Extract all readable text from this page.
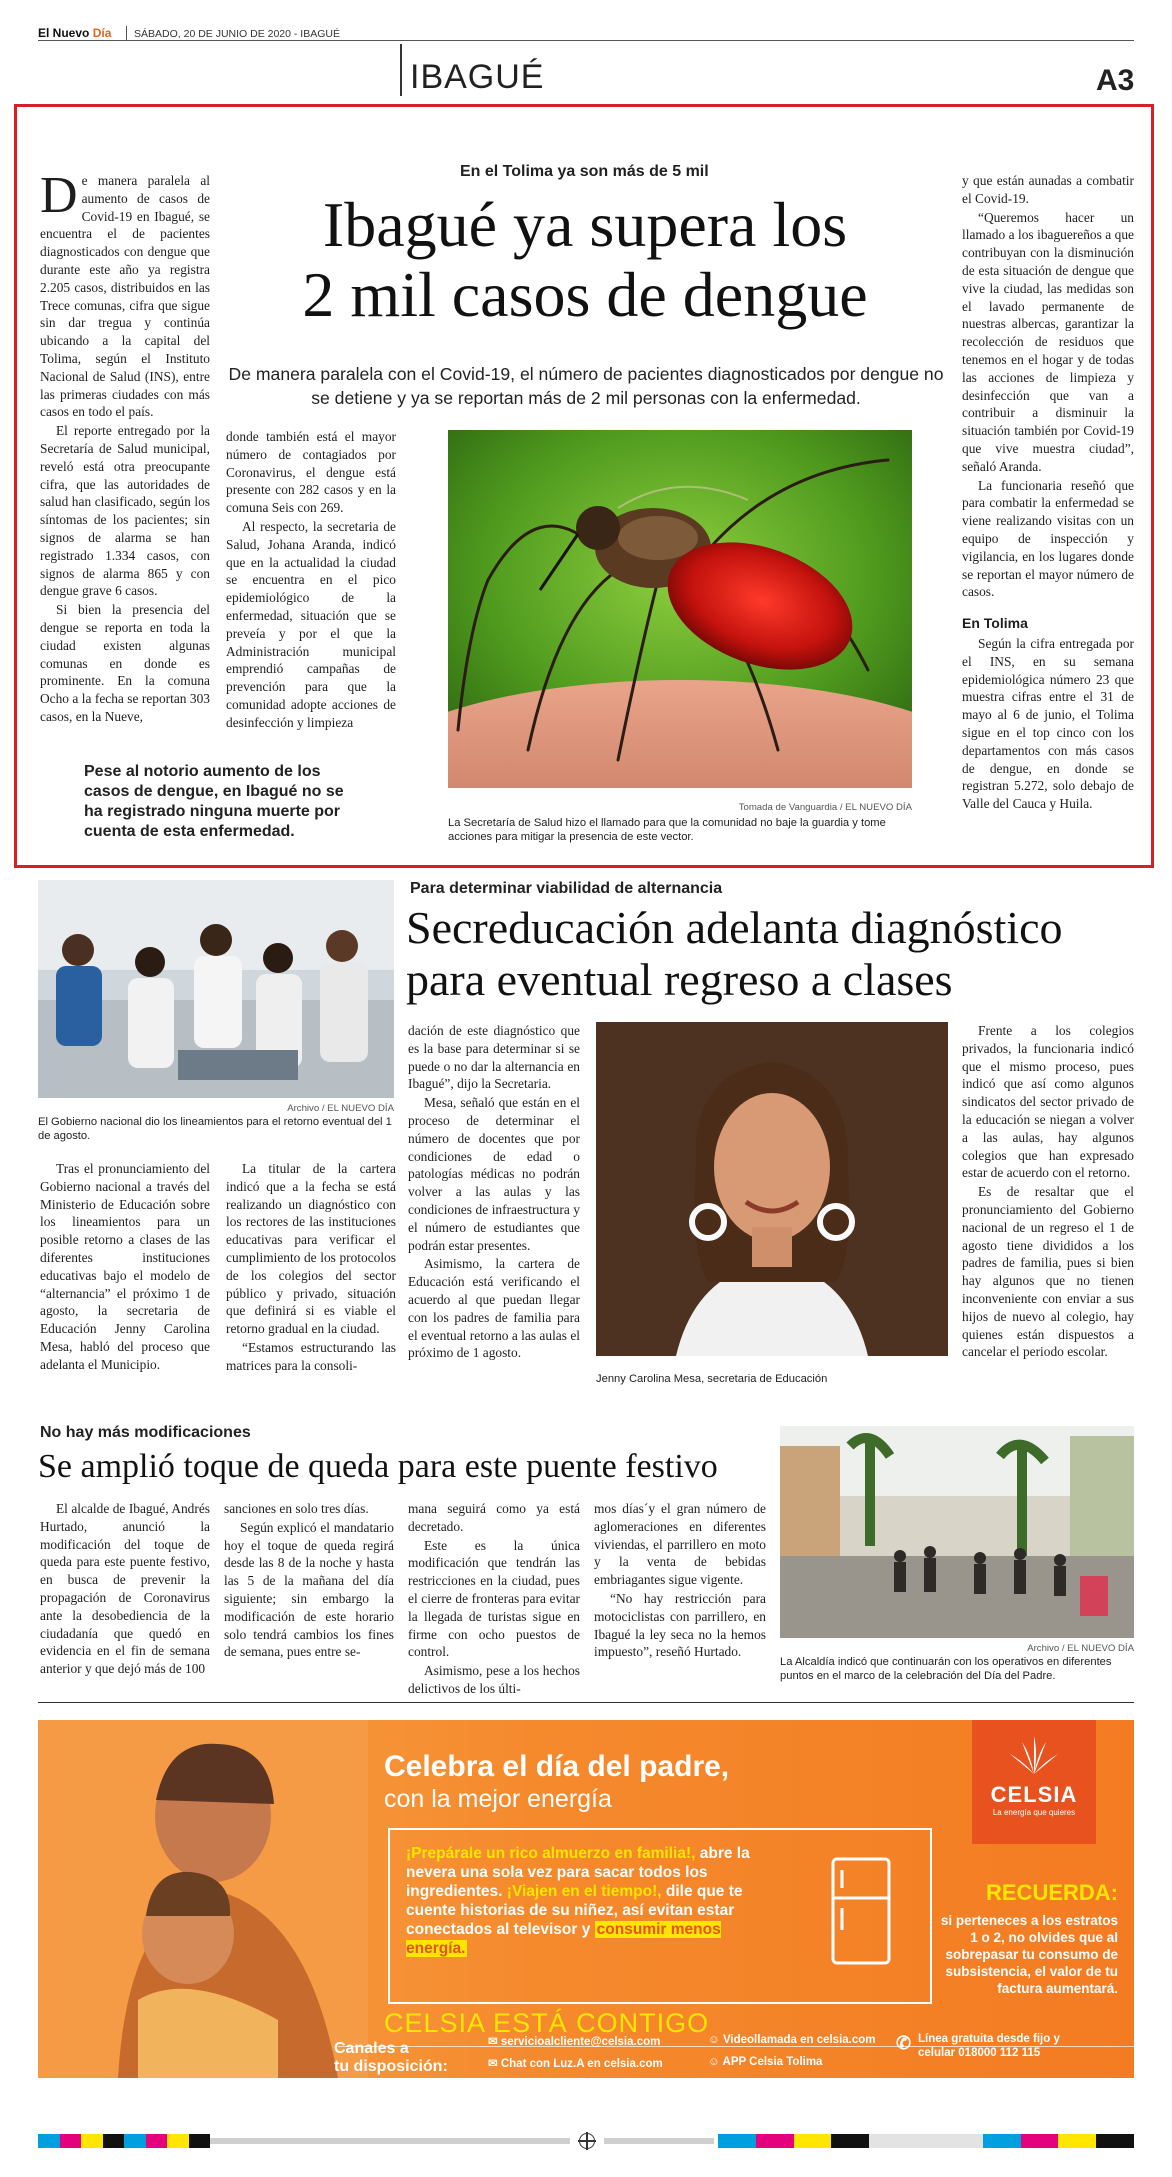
El Nuevo Día SÁBADO, 20 DE JUNIO DE 2020 - IBAGUÉ
IBAGUÉ	A3
En el Tolima ya son más de 5 mil
Ibagué ya supera los
2 mil casos de dengue
De manera paralela con el Covid-19, el número de pacientes diagnosticados por dengue no
se detiene y ya se reportan más de 2 mil personas con la enfermedad.

De manera paralela al aumento de casos de Covid-19 en Ibagué, se encuentra el de pacientes diagnosticados con dengue que durante este año ya registra 2.205 casos, distribuidos en las Trece comunas, cifra que sigue sin dar tregua y continúa ubicando a la capital del Tolima, según el Instituto Nacional de Salud (INS), entre las primeras ciudades con más casos en todo el país.

El reporte entregado por la Secretaría de Salud municipal, reveló está otra preocupante cifra, que las autoridades de salud han clasificado, según los síntomas de los pacientes; sin signos de alarma se han registrado 1.334 casos, con signos de alarma 865 y con dengue grave 6 casos.

Si bien la presencia del dengue se reporta en toda la ciudad existen algunas comunas en donde es prominente. En la comuna Ocho a la fecha se reportan 303 casos, en la Nueve,

donde también está el mayor número de contagiados por Coronavirus, el dengue está presente con 282 casos y en la comuna Seis con 269.

Al respecto, la secretaria de Salud, Johana Aranda, indicó que en la actualidad la ciudad se encuentra en el pico epidemiológico de la enfermedad, situación que se preveía y por el que la Administración municipal emprendió campañas de prevención para que la comunidad adopte acciones de desinfección y limpieza

Pese al notorio aumento de los casos de dengue, en Ibagué no se ha registrado ninguna muerte por cuenta de esta enfermedad.
Tomada de Vanguardia / EL NUEVO DÍA
La Secretaría de Salud hizo el llamado para que la comunidad no baje la guardia y tome acciones para mitigar la presencia de este vector.

y que están aunadas a combatir el Covid-19.

“Queremos hacer un llamado a los ibaguereños a que contribuyan con la disminución de esta situación de dengue que vive la ciudad, las medidas son el lavado permanente de nuestras albercas, garantizar la recolección de residuos que tenemos en el hogar y de todas las acciones de limpieza y desinfección que van a contribuir a disminuir la situación también por Covid-19 que vive muestra ciudad”, señaló Aranda.

La funcionaria reseñó que para combatir la enfermedad se viene realizando visitas con un equipo de inspección y vigilancia, en los lugares donde se reportan el mayor número de casos.

En Tolima

Según la cifra entregada por el INS, en su semana epidemiológica número 23 que muestra cifras entre el 31 de mayo al 6 de junio, el Tolima sigue en el top cinco con los departamentos con más casos de dengue, en donde se registran 5.272, solo debajo de Valle del Cauca y Huila.

Archivo / EL NUEVO DÍA
El Gobierno nacional dio los lineamientos para el retorno eventual del 1 de agosto.
Para determinar viabilidad de alternancia
Secreducación adelanta diagnóstico
para eventual regreso a clases

Tras el pronunciamiento del Gobierno nacional a través del Ministerio de Educación sobre los lineamientos para un posible retorno a clases de las diferentes instituciones educativas bajo el modelo de “alternancia” el próximo 1 de agosto, la secretaria de Educación Jenny Carolina Mesa, habló del proceso que adelanta el Municipio.

La titular de la cartera indicó que a la fecha se está realizando un diagnóstico con los rectores de las instituciones educativas para verificar el cumplimiento de los protocolos de los colegios del sector público y privado, situación que definirá si es viable el retorno gradual en la ciudad.

“Estamos estructurando las matrices para la consoli-

dación de este diagnóstico que es la base para determinar si se puede o no dar la alternancia en Ibagué”, dijo la Secretaria.

Mesa, señaló que están en el proceso de determinar el número de docentes que por condiciones de edad o patologías médicas no podrán volver a las aulas y las condiciones de infraestructura y el número de estudiantes que podrán estar presentes.

Asimismo, la cartera de Educación está verificando el acuerdo al que puedan llegar con los padres de familia para el eventual retorno a las aulas el próximo de 1 agosto.

Jenny Carolina Mesa, secretaria de Educación

Frente a los colegios privados, la funcionaria indicó que el mismo proceso, pues indicó que así como algunos sindicatos del sector privado de la educación se niegan a volver a las aulas, hay algunos colegios que han expresado estar de acuerdo con el retorno.

Es de resaltar que el pronunciamiento del Gobierno nacional de un regreso el 1 de agosto tiene divididos a los padres de familia, pues si bien hay algunos que no tienen inconveniente con enviar a sus hijos de nuevo al colegio, hay quienes están dispuestos a cancelar el periodo escolar.

No hay más modificaciones
Se amplió toque de queda para este puente festivo

El alcalde de Ibagué, Andrés Hurtado, anunció la modificación del toque de queda para este puente festivo, en busca de prevenir la propagación de Coronavirus ante la desobediencia de la ciudadanía que quedó en evidencia en el fin de semana anterior y que dejó más de 100

sanciones en solo tres días.

Según explicó el mandatario hoy el toque de queda regirá desde las 8 de la noche y hasta las 5 de la mañana del día siguiente; sin embargo la modificación de este horario solo tendrá cambios los fines de semana, pues entre se-

mana seguirá como ya está decretado.

Este es la única modificación que tendrán las restricciones en la ciudad, pues el cierre de fronteras para evitar la llegada de turistas sigue en firme con ocho puestos de control.

Asimismo, pese a los hechos delictivos de los últi-

mos días´y el gran número de aglomeraciones en diferentes viviendas, el parrillero en moto y la venta de bebidas embriagantes sigue vigente.

“No hay restricción para motociclistas con parrillero, en Ibagué la ley seca no la hemos impuesto”, reseñó Hurtado.	Archivo / EL NUEVO DÍA
La Alcaldía indicó que continuarán con los operativos en diferentes puntos en el marco de la celebración del Día del Padre.
Celebra el día del padre,
con la mejor energía	CELSIA
La energía que quieres
¡Prepárale un rico almuerzo en familia!, abre la nevera una sola vez para sacar todos los ingredientes. ¡Viajen en el tiempo!, dile que te cuente historias de su niñez, así evitan estar conectados al televisor y consumir menos energía.
RECUERDA:
si perteneces a los estratos 1 o 2, no olvides que al sobrepasar tu consumo de subsistencia, el valor de tu factura aumentará.
CELSIA ESTÁ CONTIGO
Canales a
tu disposición:
✉ servicioalcliente@celsia.com
✉ Chat con Luz.A en celsia.com
☺ Videollamada en celsia.com
☺ APP Celsia Tolima
✆ Línea gratuita desde fijo y
celular 018000 112 115
